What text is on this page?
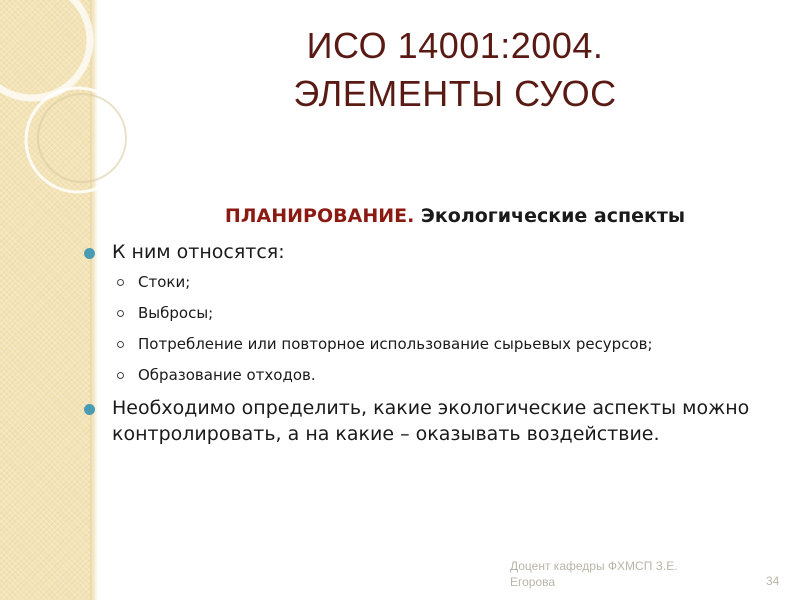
ИСО 14001:2004.
ЭЛЕМЕНТЫ СУОС
ПЛАНИРОВАНИЕ. Экологические аспекты
К ним относятся:
Стоки;
Выбросы;
Потребление или повторное использование сырьевых ресурсов;
Образование отходов.
Необходимо определить, какие экологические аспекты можно контролировать, а на какие – оказывать воздействие.
Доцент кафедры ФХМСП З.Е. Егорова	34
